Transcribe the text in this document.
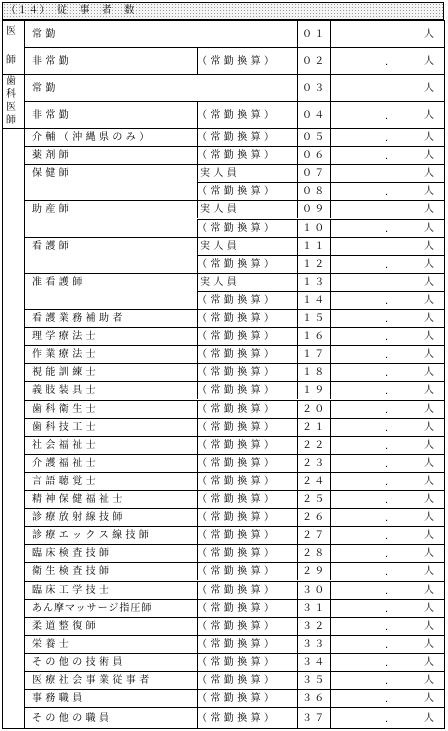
（１４）　従　事　者　数
医
師
歯
科
医
師
常勤	０１	人
非常勤	（常勤換算） ０２	.	人
常勤	０３	人
非常勤	（常勤換算） ０４	.	人
介輔（沖縄県のみ）	（常勤換算） ０５	.	人
薬剤師	（常勤換算） ０６	.	人
保健師	実人員	０７	人
（常勤換算） ０８	.	人
助産師	実人員	０９	人
（常勤換算） １０	.	人
看護師	実人員	１１	人
（常勤換算） １２	.	人
准看護師	実人員	１３	人
（常勤換算） １４	.	人
看護業務補助者	（常勤換算） １５	.	人
理学療法士	（常勤換算） １６	.	人
作業療法士	（常勤換算） １７	.	人
視能訓練士	（常勤換算） １８	.	人
義肢装具士	（常勤換算） １９	.	人
歯科衛生士	（常勤換算） ２０	.	人
歯科技工士	（常勤換算） ２１	.	人
社会福祉士	（常勤換算） ２２	.	人
介護福祉士	（常勤換算） ２３	.	人
言語聴覚士	（常勤換算） ２４	.	人
精神保健福祉士	（常勤換算） ２５	.	人
診療放射線技師	（常勤換算） ２６	.	人
診療エックス線技師	（常勤換算） ２７	.	人
臨床検査技師	（常勤換算） ２８	.	人
衛生検査技師	（常勤換算） ２９	.	人
臨床工学技士	（常勤換算） ３０	.	人
あん摩マッサージ指圧師	（常勤換算） ３１	.	人
柔道整復師	（常勤換算） ３２	.	人
栄養士	（常勤換算） ３３	.	人
その他の技術員	（常勤換算） ３４	.	人
医療社会事業従事者	（常勤換算） ３５	.	人
事務職員	（常勤換算） ３６	.	人
その他の職員	（常勤換算） ３７	.	人
